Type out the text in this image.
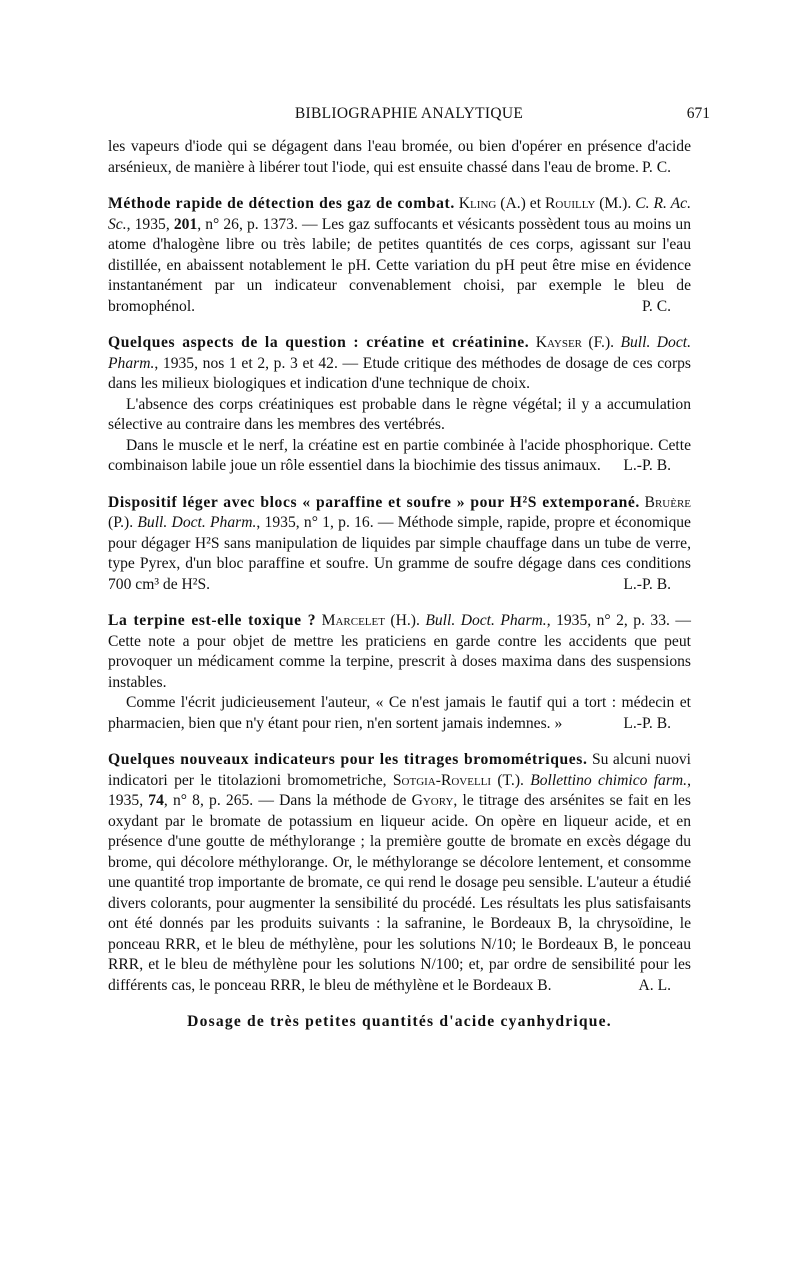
BIBLIOGRAPHIE ANALYTIQUE	671

les vapeurs d'iode qui se dégagent dans l'eau bromée, ou bien d'opérer en présence d'acide arsénieux, de manière à libérer tout l'iode, qui est ensuite chassé dans l'eau de brome. P. C.

Méthode rapide de détection des gaz de combat. Kling (A.) et Rouilly (M.). C. R. Ac. Sc., 1935, 201, n° 26, p. 1373. — Les gaz suffocants et vésicants possèdent tous au moins un atome d'halogène libre ou très labile; de petites quantités de ces corps, agissant sur l'eau distillée, en abaissent notablement le pH. Cette variation du pH peut être mise en évidence instantanément par un indicateur convenablement choisi, par exemple le bleu de bromophénol.	P. C.

Quelques aspects de la question : créatine et créatinine. Kayser (F.). Bull. Doct. Pharm., 1935, nos 1 et 2, p. 3 et 42. — Etude critique des méthodes de dosage de ces corps dans les milieux biologiques et indication d'une technique de choix.

L'absence des corps créatiniques est probable dans le règne végétal; il y a accumulation sélective au contraire dans les membres des vertébrés.

Dans le muscle et le nerf, la créatine est en partie combinée à l'acide phosphorique. Cette combinaison labile joue un rôle essentiel dans la biochimie des tissus animaux.	L.-P. B.

Dispositif léger avec blocs « paraffine et soufre » pour H²S extemporané. Bruère (P.). Bull. Doct. Pharm., 1935, n° 1, p. 16. — Méthode simple, rapide, propre et économique pour dégager H²S sans manipulation de liquides par simple chauffage dans un tube de verre, type Pyrex, d'un bloc paraffine et soufre. Un gramme de soufre dégage dans ces conditions 700 cm³ de H²S.	L.-P. B.

La terpine est-elle toxique ? Marcelet (H.). Bull. Doct. Pharm., 1935, n° 2, p. 33. — Cette note a pour objet de mettre les praticiens en garde contre les accidents que peut provoquer un médicament comme la terpine, prescrit à doses maxima dans des suspensions instables.

Comme l'écrit judicieusement l'auteur, « Ce n'est jamais le fautif qui a tort : médecin et pharmacien, bien que n'y étant pour rien, n'en sortent jamais indemnes. »	L.-P. B.

Quelques nouveaux indicateurs pour les titrages bromométriques. Su alcuni nuovi indicatori per le titolazioni bromometriche, Sotgia-Rovelli (T.). Bollettino chimico farm., 1935, 74, n° 8, p. 265. — Dans la méthode de Gyory, le titrage des arsénites se fait en les oxydant par le bromate de potassium en liqueur acide. On opère en liqueur acide, et en présence d'une goutte de méthylorange ; la première goutte de bromate en excès dégage du brome, qui décolore méthylorange. Or, le méthylorange se décolore lentement, et consomme une quantité trop importante de bromate, ce qui rend le dosage peu sensible. L'auteur a étudié divers colorants, pour augmenter la sensibilité du procédé. Les résultats les plus satisfaisants ont été donnés par les produits suivants : la safranine, le Bordeaux B, la chrysoïdine, le ponceau RRR, et le bleu de méthylène, pour les solutions N/10; le Bordeaux B, le ponceau RRR, et le bleu de méthylène pour les solutions N/100; et, par ordre de sensibilité pour les différents cas, le ponceau RRR, le bleu de méthylène et le Bordeaux B.	A. L.

Dosage de très petites quantités d'acide cyanhydrique.
